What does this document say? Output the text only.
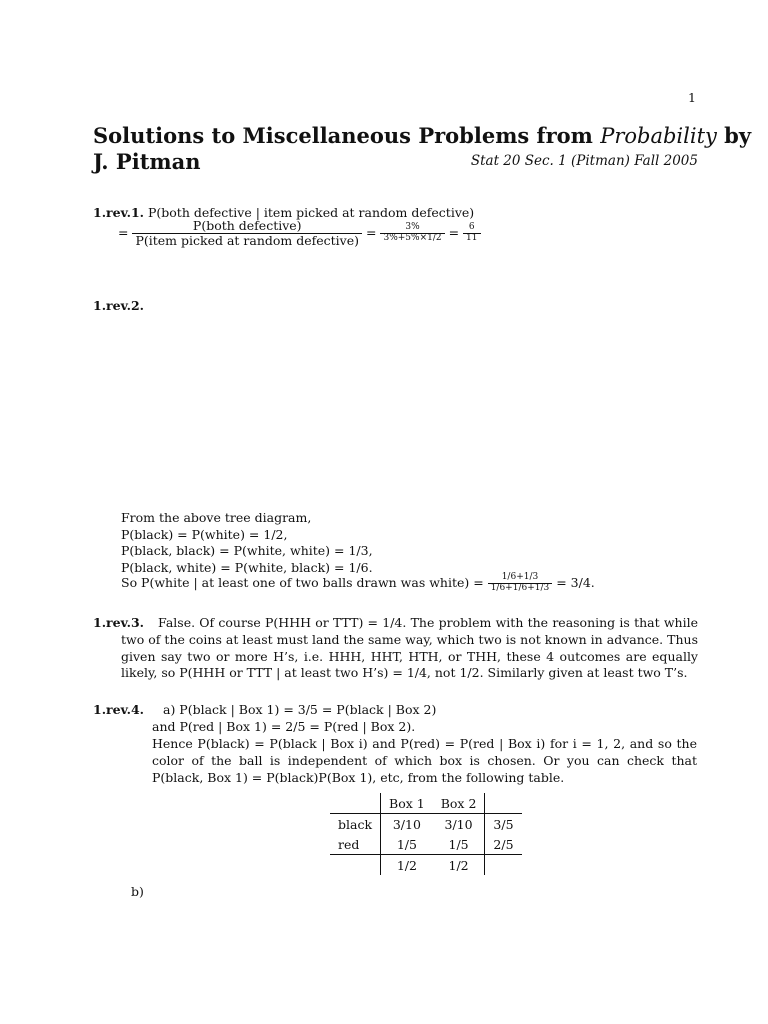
1
Solutions to Miscellaneous Problems from Probability by
J. Pitman	Stat 20 Sec. 1 (Pitman) Fall 2005
1.rev.1. P(both defective | item picked at random defective)
= $\frac{\text{P(both defective)}}{\text{P(item picked at random defective)}} = \frac{3\%}{3\%+5\%\times 1/2} = \frac{6}{11}$
1.rev.2.
From the above tree diagram,
P(black) = P(white) = 1/2,
P(black, black) = P(white, white) = 1/3,
P(black, white) = P(white, black) = 1/6.
So P(white | at least one of two balls drawn was white) = $\frac{1/6+1/3}{1/6+1/6+1/3} = 3/4$.
1.rev.3.	False. Of course P(HHH or TTT) = 1/4. The problem with the reasoning is that while two of the coins at least must land the same way, which two is not known in advance. Thus given say two or more H’s, i.e. HHH, HHT, HTH, or THH, these 4 outcomes are equally likely, so P(HHH or TTT | at least two H’s) = 1/4, not 1/2. Similarly given at least two T’s.
1.rev.4. a) P(black | Box 1) = 3/5 = P(black | Box 2)
and P(red | Box 1) = 2/5 = P(red | Box 2).
Hence P(black) = P(black | Box i) and P(red) = P(red | Box i) for i = 1, 2, and so the color of the ball is independent of which box is chosen. Or you can check that P(black, Box 1) = P(black)P(Box 1), etc, from the following table.
	Box 1	Box 2	
black	3/10	3/10	3/5
red	1/5	1/5	2/5
	1/2	1/2	
b)
